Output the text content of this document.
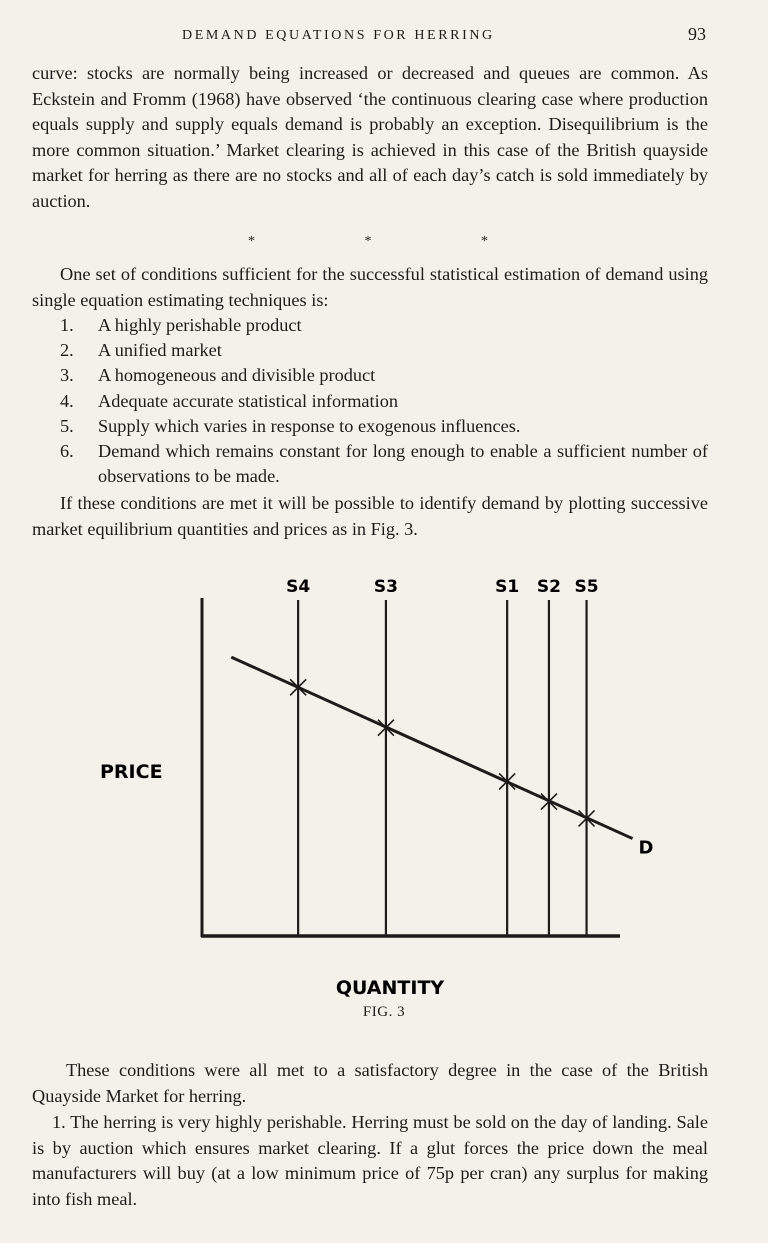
DEMAND EQUATIONS FOR HERRING	93

curve: stocks are normally being increased or decreased and queues are common. As Eckstein and Fromm (1968) have observed ‘the continuous clearing case where production equals supply and supply equals demand is probably an exception. Disequilibrium is the more common situation.’ Market clearing is achieved in this case of the British quayside market for herring as there are no stocks and all of each day’s catch is sold immediately by auction.

*	*	*

One set of conditions sufficient for the successful statistical estimation of demand using single equation estimating techniques is:

1.	A highly perishable product
2.	A unified market
3.	A homogeneous and divisible product
4.	Adequate accurate statistical information
5.	Supply which varies in response to exogenous influences.
6.	Demand which remains constant for long enough to enable a sufficient number of observations to be made.

If these conditions are met it will be possible to identify demand by plotting successive market equilibrium quantities and prices as in Fig. 3.

S4	S3	S1 S2 S5
D
PRICE
QUANTITY
FIG. 3

These conditions were all met to a satisfactory degree in the case of the British Quayside Market for herring.

1. The herring is very highly perishable. Herring must be sold on the day of landing. Sale is by auction which ensures market clearing. If a glut forces the price down the meal manufacturers will buy (at a low minimum price of 75p per cran) any surplus for making into fish meal.
